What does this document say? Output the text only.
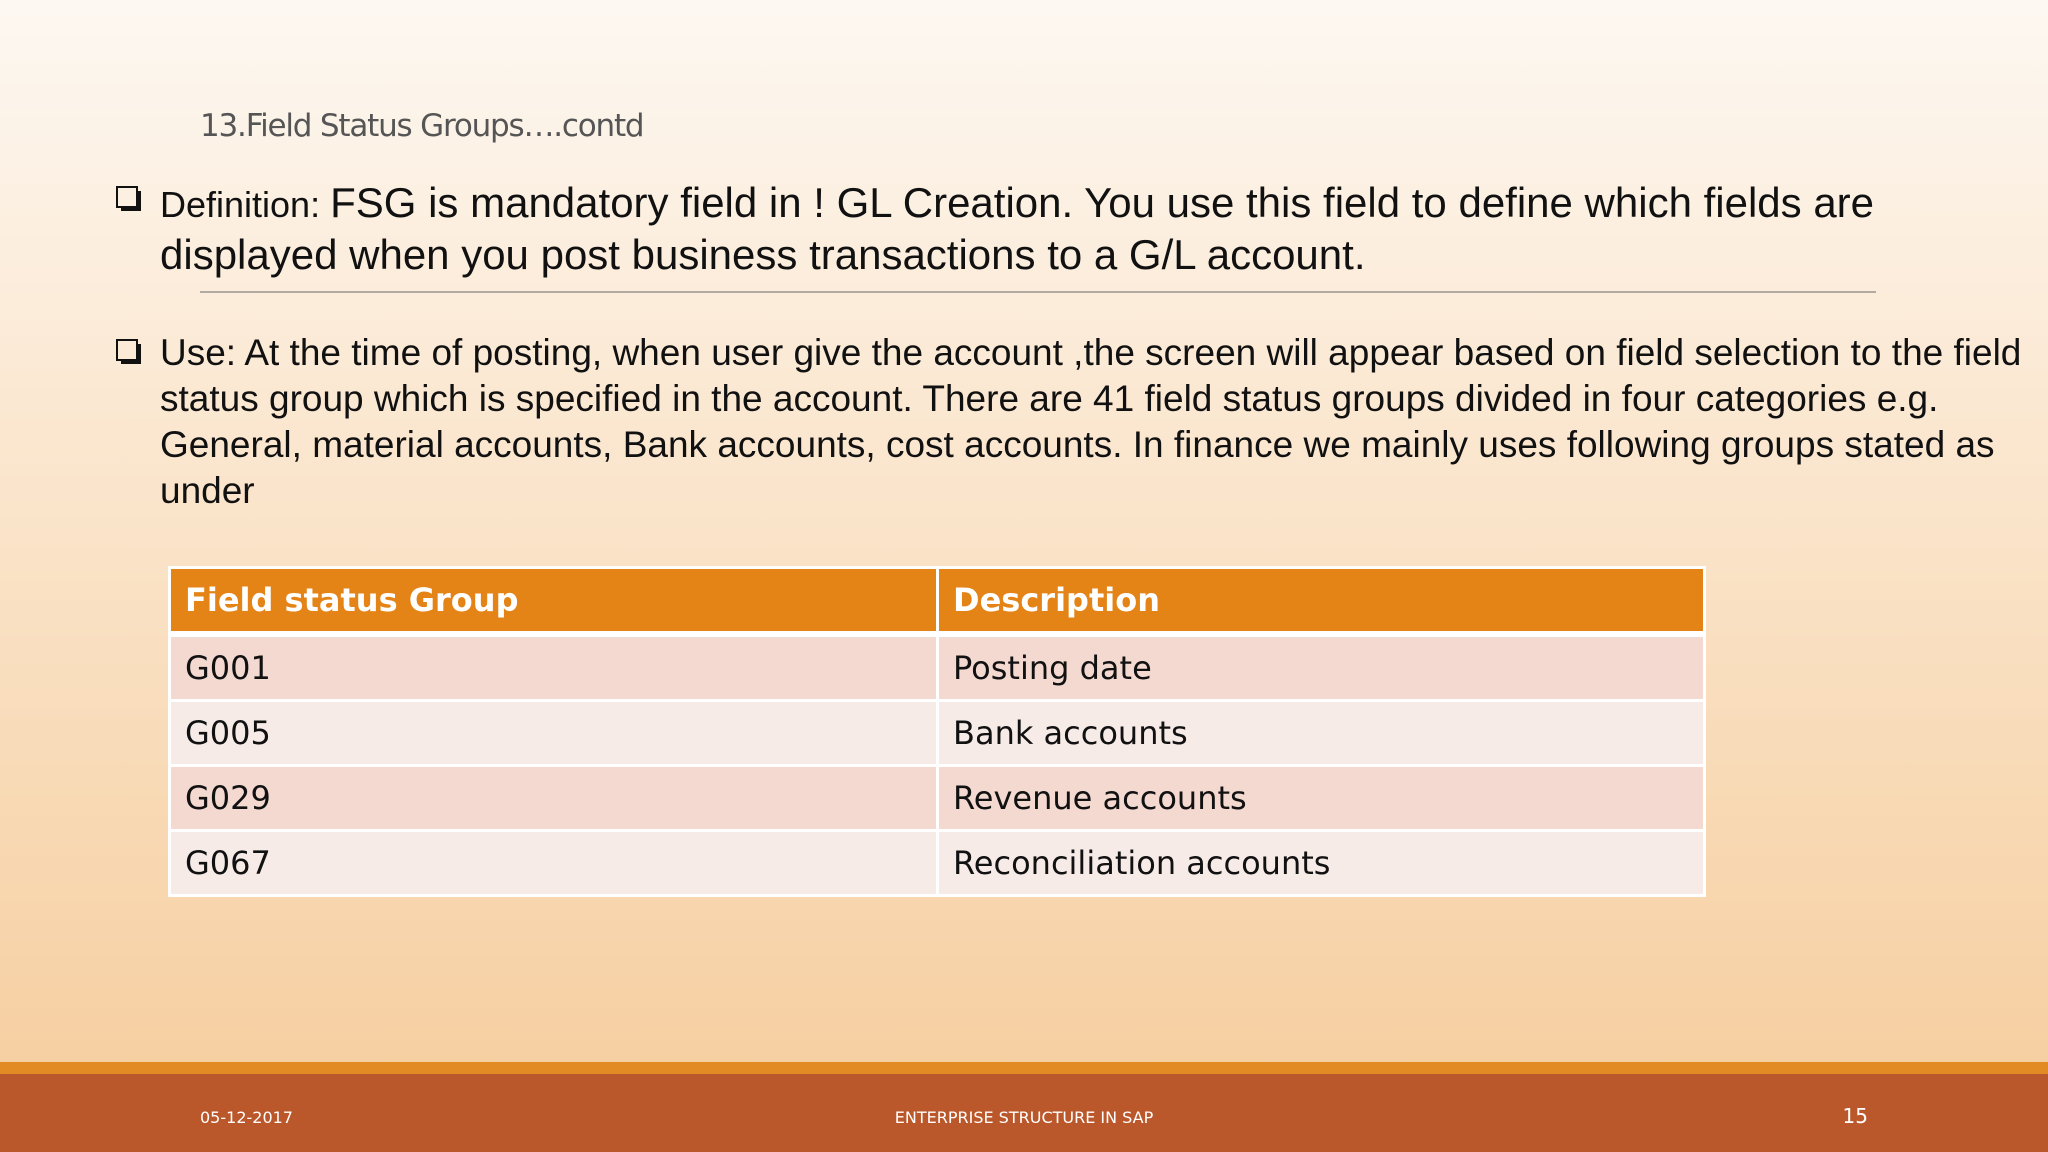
13.Field Status Groups….contd
Definition: FSG is mandatory field in ! GL Creation. You use this field to define which fields are displayed when you post business transactions to a G/L account.
Use: At the time of posting, when user give the account ,the screen will appear based on field selection to the field status group which is specified in the account. There are 41 field status groups divided in four categories e.g. General, material accounts, Bank accounts, cost accounts. In finance we mainly uses following groups stated as under
Field status Group	Description
G001	Posting date
G005	Bank accounts
G029	Revenue accounts
G067	Reconciliation accounts
05-12-2017	ENTERPRISE STRUCTURE IN SAP	15
